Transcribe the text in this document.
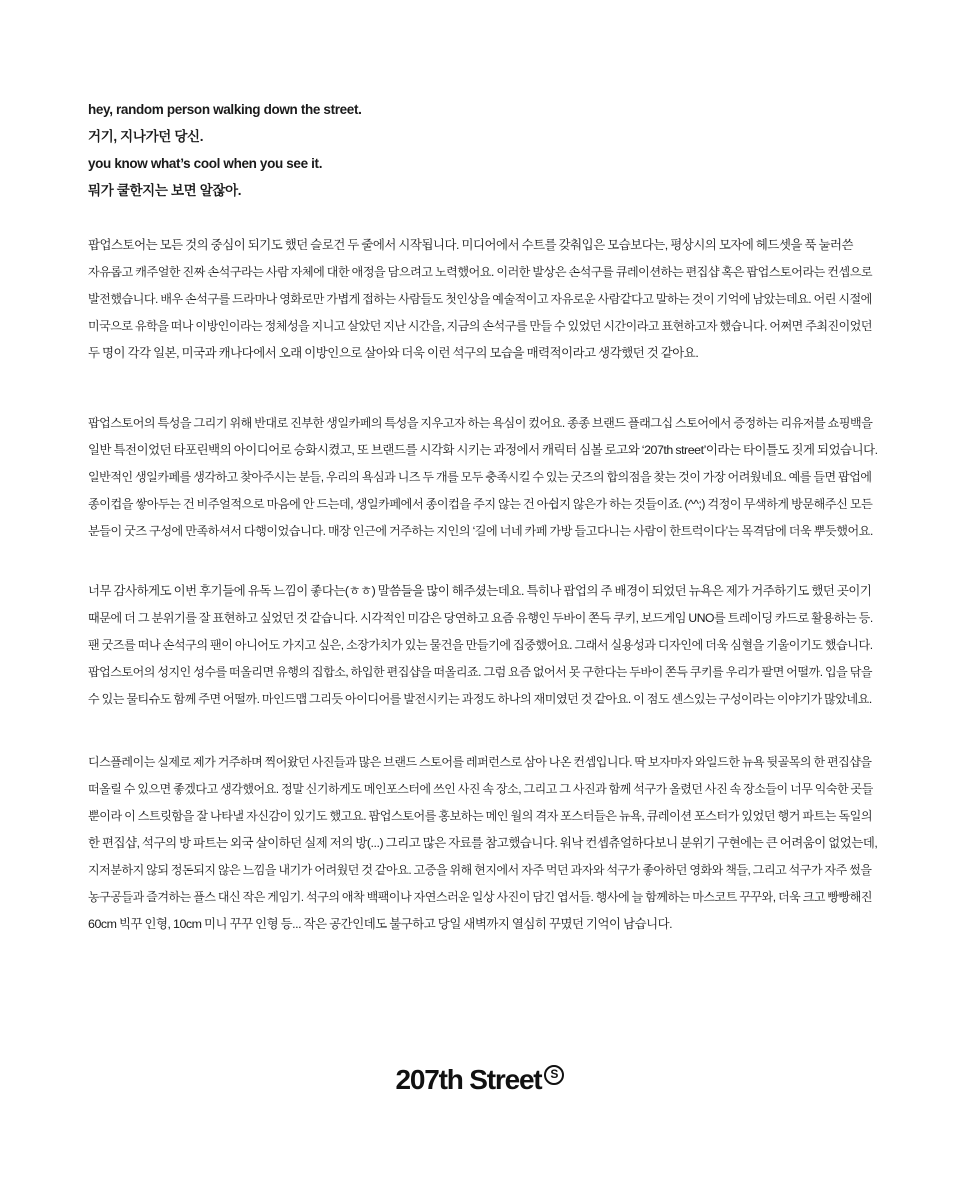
hey, random person walking down the street.
거기, 지나가던 당신.
you know what’s cool when you see it.
뭐가 쿨한지는 보면 알잖아.
팝업스토어는 모든 것의 중심이 되기도 했던 슬로건 두 줄에서 시작됩니다. 미디어에서 수트를 갖춰입은 모습보다는, 평상시의 모자에 헤드셋을 푹 눌러쓴
자유롭고 캐주얼한 진짜 손석구라는 사람 자체에 대한 애정을 담으려고 노력했어요. 이러한 발상은 손석구를 큐레이션하는 편집샵 혹은 팝업스토어라는 컨셉으로
발전했습니다. 배우 손석구를 드라마나 영화로만 가볍게 접하는 사람들도 첫인상을 예술적이고 자유로운 사람같다고 말하는 것이 기억에 남았는데요. 어린 시절에
미국으로 유학을 떠나 이방인이라는 정체성을 지니고 살았던 지난 시간을, 지금의 손석구를 만들 수 있었던 시간이라고 표현하고자 했습니다. 어쩌면 주최진이었던
두 명이 각각 일본, 미국과 캐나다에서 오래 이방인으로 살아와 더욱 이런 석구의 모습을 매력적이라고 생각했던 것 같아요.
팝업스토어의 특성을 그리기 위해 반대로 진부한 생일카페의 특성을 지우고자 하는 욕심이 컸어요. 종종 브랜드 플래그십 스토어에서 증정하는 리유저블 쇼핑백을
일반 특전이었던 타포린백의 아이디어로 승화시켰고, 또 브랜드를 시각화 시키는 과정에서 캐릭터 심볼 로고와 ‘207th street’이라는 타이틀도 짓게 되었습니다.
일반적인 생일카페를 생각하고 찾아주시는 분들, 우리의 욕심과 니즈 두 개를 모두 충족시킬 수 있는 굿즈의 합의점을 찾는 것이 가장 어려웠네요. 예를 들면 팝업에
종이컵을 쌓아두는 건 비주얼적으로 마음에 안 드는데, 생일카페에서 종이컵을 주지 않는 건 아쉽지 않은가 하는 것들이죠. (^^;) 걱정이 무색하게 방문해주신 모든
분들이 굿즈 구성에 만족하셔서 다행이었습니다. 매장 인근에 거주하는 지인의 ‘길에 너네 카페 가방 들고다니는 사람이 한트럭이다’는 목격담에 더욱 뿌듯했어요.
너무 감사하게도 이번 후기들에 유독 느낌이 좋다는(ㅎㅎ) 말씀들을 많이 해주셨는데요. 특히나 팝업의 주 배경이 되었던 뉴욕은 제가 거주하기도 했던 곳이기
때문에 더 그 분위기를 잘 표현하고 싶었던 것 같습니다. 시각적인 미감은 당연하고 요즘 유행인 두바이 쫀득 쿠키, 보드게임 UNO를 트레이딩 카드로 활용하는 등.
팬 굿즈를 떠나 손석구의 팬이 아니어도 가지고 싶은, 소장가치가 있는 물건을 만들기에 집중했어요. 그래서 실용성과 디자인에 더욱 심혈을 기울이기도 했습니다.
팝업스토어의 성지인 성수를 떠올리면 유행의 집합소, 하입한 편집샵을 떠올리죠. 그럼 요즘 없어서 못 구한다는 두바이 쫀득 쿠키를 우리가 팔면 어떨까. 입을 닦을
수 있는 물티슈도 함께 주면 어떨까. 마인드맵 그리듯 아이디어를 발전시키는 과정도 하나의 재미였던 것 같아요. 이 점도 센스있는 구성이라는 이야기가 많았네요.
디스플레이는 실제로 제가 거주하며 찍어왔던 사진들과 많은 브랜드 스토어를 레퍼런스로 삼아 나온 컨셉입니다. 딱 보자마자 와일드한 뉴욕 뒷골목의 한 편집샵을
떠올릴 수 있으면 좋겠다고 생각했어요. 정말 신기하게도 메인포스터에 쓰인 사진 속 장소, 그리고 그 사진과 함께 석구가 올렸던 사진 속 장소들이 너무 익숙한 곳들
뿐이라 이 스트릿함을 잘 나타낼 자신감이 있기도 했고요. 팝업스토어를 홍보하는 메인 월의 격자 포스터들은 뉴욕, 큐레이션 포스터가 있었던 행거 파트는 독일의
한 편집샵, 석구의 방 파트는 외국 살이하던 실제 저의 방(...) 그리고 많은 자료를 참고했습니다. 워낙 컨셉츄얼하다보니 분위기 구현에는 큰 어려움이 없었는데,
지저분하지 않되 정돈되지 않은 느낌을 내기가 어려웠던 것 같아요. 고증을 위해 현지에서 자주 먹던 과자와 석구가 좋아하던 영화와 책들, 그리고 석구가 자주 썼을
농구공들과 즐겨하는 플스 대신 작은 게임기. 석구의 애착 백팩이나 자연스러운 일상 사진이 담긴 엽서들. 행사에 늘 함께하는 마스코트 꾸꾸와, 더욱 크고 빵빵해진
60cm 빅꾸 인형, 10cm 미니 꾸꾸 인형 등... 작은 공간인데도 불구하고 당일 새벽까지 열심히 꾸몄던 기억이 남습니다.
207th Street S
